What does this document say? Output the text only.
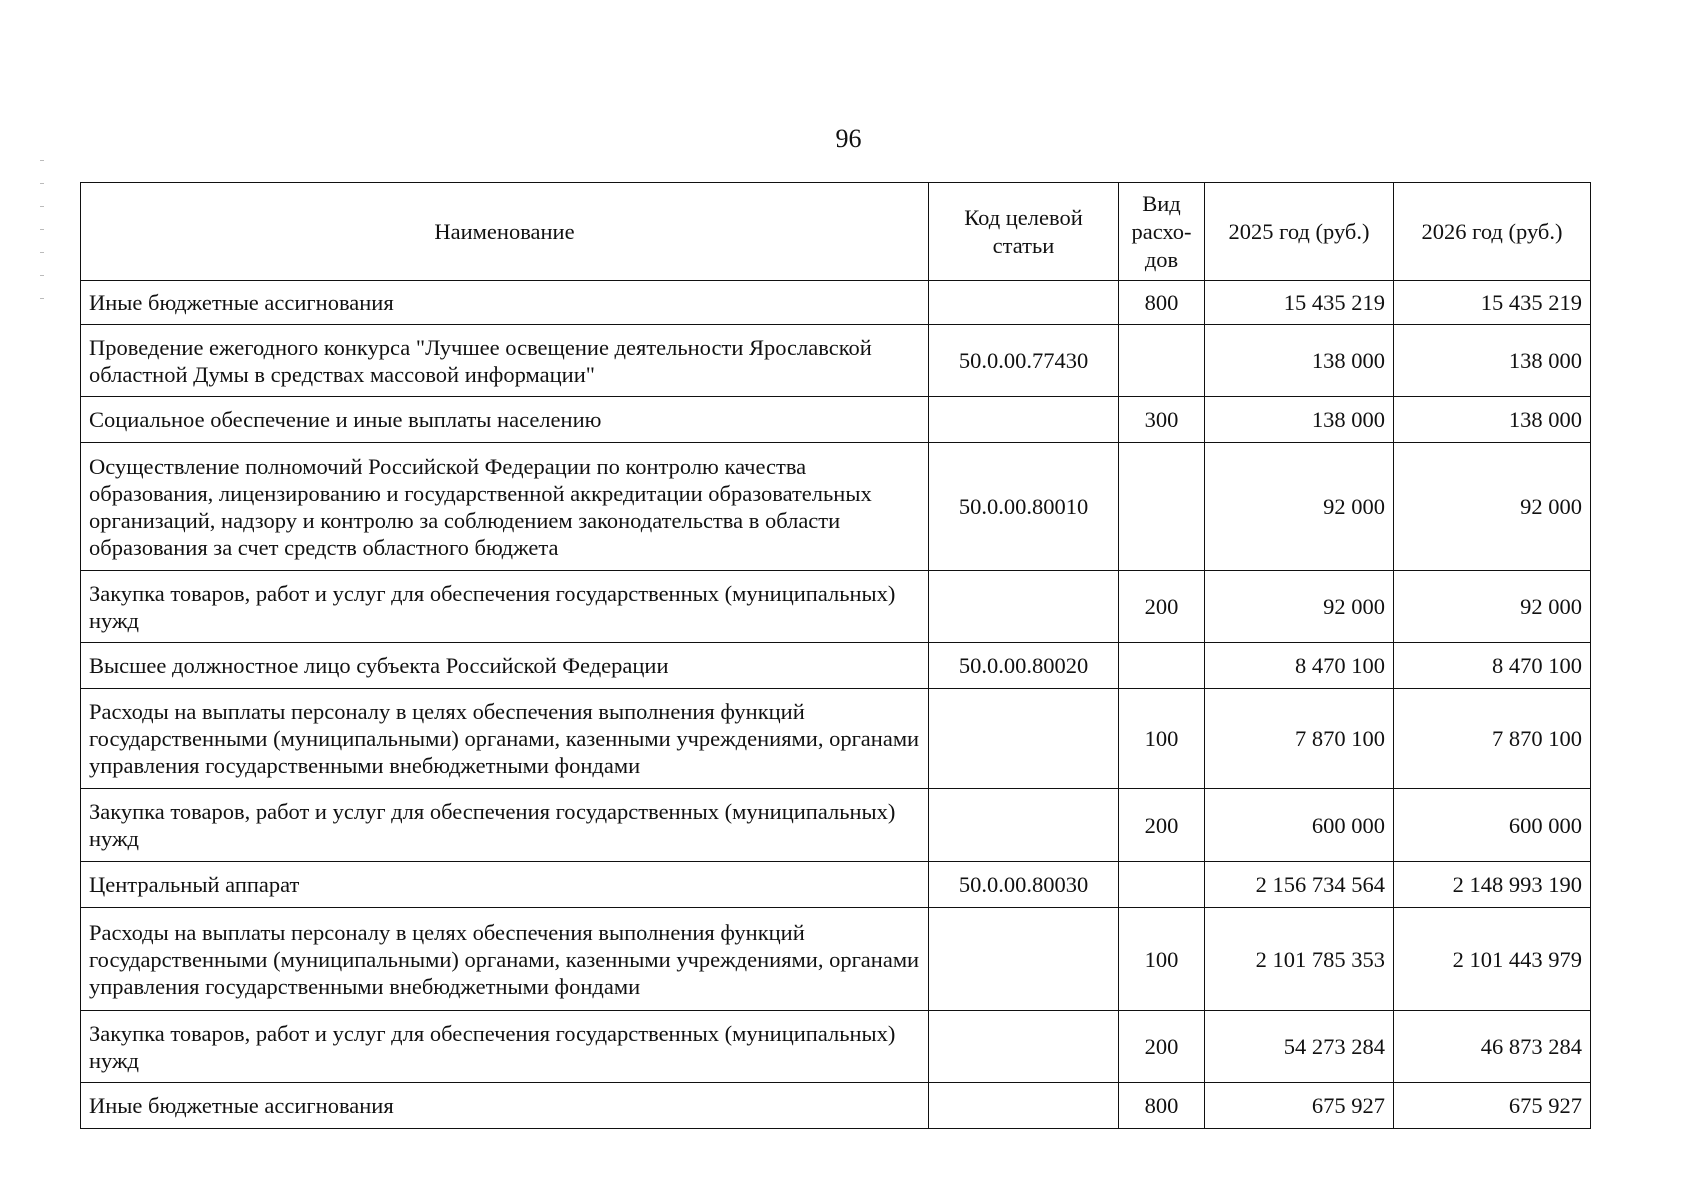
96
Наименование	Код целевой статьи	Вид расхо-дов	2025 год (руб.)	2026 год (руб.)
Иные бюджетные ассигнования		800	15 435 219	15 435 219
Проведение ежегодного конкурса "Лучшее освещение деятельности Ярославской областной Думы в средствах массовой информации"	50.0.00.77430		138 000	138 000
Социальное обеспечение и иные выплаты населению		300	138 000	138 000
Осуществление полномочий Российской Федерации по контролю качества образования, лицензированию и государственной аккредитации образовательных организаций, надзору и контролю за соблюдением законодательства в области образования за счет средств областного бюджета	50.0.00.80010		92 000	92 000
Закупка товаров, работ и услуг для обеспечения государственных (муниципальных) нужд		200	92 000	92 000
Высшее должностное лицо субъекта Российской Федерации	50.0.00.80020		8 470 100	8 470 100
Расходы на выплаты персоналу в целях обеспечения выполнения функций государственными (муниципальными) органами, казенными учреждениями, органами управления государственными внебюджетными фондами		100	7 870 100	7 870 100
Закупка товаров, работ и услуг для обеспечения государственных (муниципальных) нужд		200	600 000	600 000
Центральный аппарат	50.0.00.80030		2 156 734 564	2 148 993 190
Расходы на выплаты персоналу в целях обеспечения выполнения функций государственными (муниципальными) органами, казенными учреждениями, органами управления государственными внебюджетными фондами		100	2 101 785 353	2 101 443 979
Закупка товаров, работ и услуг для обеспечения государственных (муниципальных) нужд		200	54 273 284	46 873 284
Иные бюджетные ассигнования		800	675 927	675 927
